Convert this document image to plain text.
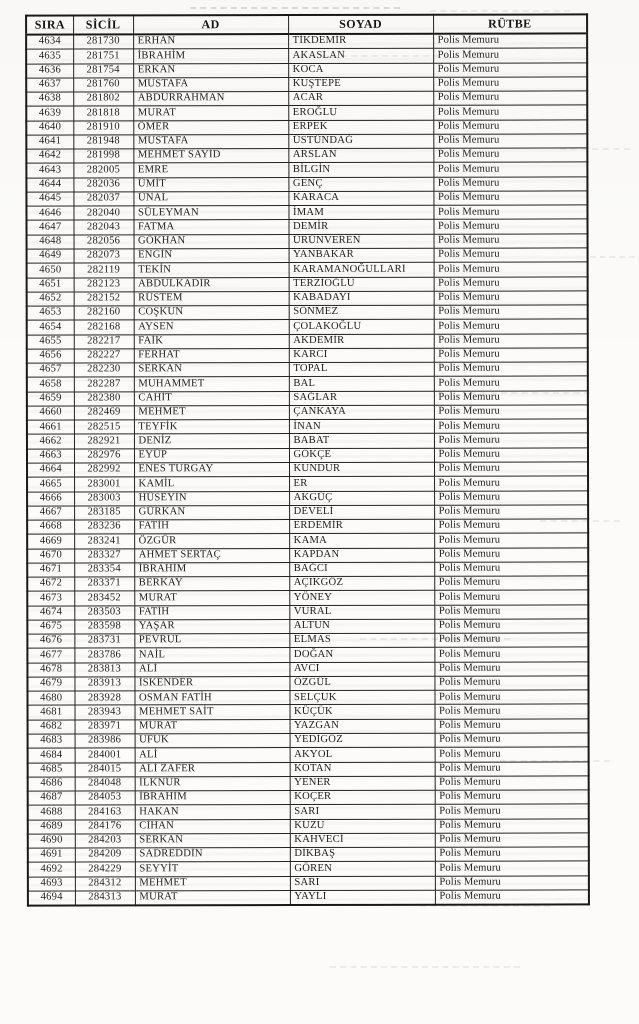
SIRA	SİCİL	AD	SOYAD	RÜTBE
4634	281730	ERHAN	TİKDEMİR	Polis Memuru
4635	281751	İBRAHİM	AKASLAN	Polis Memuru
4636	281754	ERKAN	KOCA	Polis Memuru
4637	281760	MUSTAFA	KUŞTEPE	Polis Memuru
4638	281802	ABDURRAHMAN	ACAR	Polis Memuru
4639	281818	MURAT	EROĞLU	Polis Memuru
4640	281910	ÖMER	ERPEK	Polis Memuru
4641	281948	MUSTAFA	ÜSTÜNDAĞ	Polis Memuru
4642	281998	MEHMET SAYİD	ARSLAN	Polis Memuru
4643	282005	EMRE	BİLGİN	Polis Memuru
4644	282036	ÜMİT	GENÇ	Polis Memuru
4645	282037	ÜNAL	KARACA	Polis Memuru
4646	282040	SÜLEYMAN	İMAM	Polis Memuru
4647	282043	FATMA	DEMİR	Polis Memuru
4648	282056	GÖKHAN	ÜRÜNVEREN	Polis Memuru
4649	282073	ENGİN	YANBAKAR	Polis Memuru
4650	282119	TEKİN	KARAMANOĞULLARI	Polis Memuru
4651	282123	ABDULKADİR	TERZİOĞLU	Polis Memuru
4652	282152	RÜSTEM	KABADAYI	Polis Memuru
4653	282160	COŞKUN	SÖNMEZ	Polis Memuru
4654	282168	AYSEN	ÇOLAKOĞLU	Polis Memuru
4655	282217	FAİK	AKDEMİR	Polis Memuru
4656	282227	FERHAT	KARCI	Polis Memuru
4657	282230	SERKAN	TOPAL	Polis Memuru
4658	282287	MUHAMMET	BAL	Polis Memuru
4659	282380	CAHİT	SAĞLAR	Polis Memuru
4660	282469	MEHMET	ÇANKAYA	Polis Memuru
4661	282515	TEYFİK	İNAN	Polis Memuru
4662	282921	DENİZ	BABAT	Polis Memuru
4663	282976	EYÜP	GÖKÇE	Polis Memuru
4664	282992	ENES TURGAY	KUNDUR	Polis Memuru
4665	283001	KAMİL	ER	Polis Memuru
4666	283003	HÜSEYİN	AKGÜÇ	Polis Memuru
4667	283185	GÜRKAN	DEVELİ	Polis Memuru
4668	283236	FATİH	ERDEMİR	Polis Memuru
4669	283241	ÖZGÜR	KAMA	Polis Memuru
4670	283327	AHMET SERTAÇ	KAPDAN	Polis Memuru
4671	283354	İBRAHİM	BAĞCI	Polis Memuru
4672	283371	BERKAY	AÇIKGÖZ	Polis Memuru
4673	283452	MURAT	YÖNEY	Polis Memuru
4674	283503	FATİH	VURAL	Polis Memuru
4675	283598	YAŞAR	ALTUN	Polis Memuru
4676	283731	PEVRUL	ELMAS	Polis Memuru
4677	283786	NAİL	DOĞAN	Polis Memuru
4678	283813	ALİ	AVCI	Polis Memuru
4679	283913	İSKENDER	ÖZGÜL	Polis Memuru
4680	283928	OSMAN FATİH	SELÇUK	Polis Memuru
4681	283943	MEHMET SAİT	KÜÇÜK	Polis Memuru
4682	283971	MURAT	YAZGAN	Polis Memuru
4683	283986	UFUK	YEDİGÖZ	Polis Memuru
4684	284001	ALİ	AKYOL	Polis Memuru
4685	284015	ALİ ZAFER	KOTAN	Polis Memuru
4686	284048	İLKNUR	YENER	Polis Memuru
4687	284053	İBRAHİM	KOÇER	Polis Memuru
4688	284163	HAKAN	SARI	Polis Memuru
4689	284176	CİHAN	KUZU	Polis Memuru
4690	284203	SERKAN	KAHVECİ	Polis Memuru
4691	284209	SADREDDİN	DİKBAŞ	Polis Memuru
4692	284229	SEYYİT	GÖREN	Polis Memuru
4693	284312	MEHMET	SARI	Polis Memuru
4694	284313	MURAT	YAYLI	Polis Memuru
